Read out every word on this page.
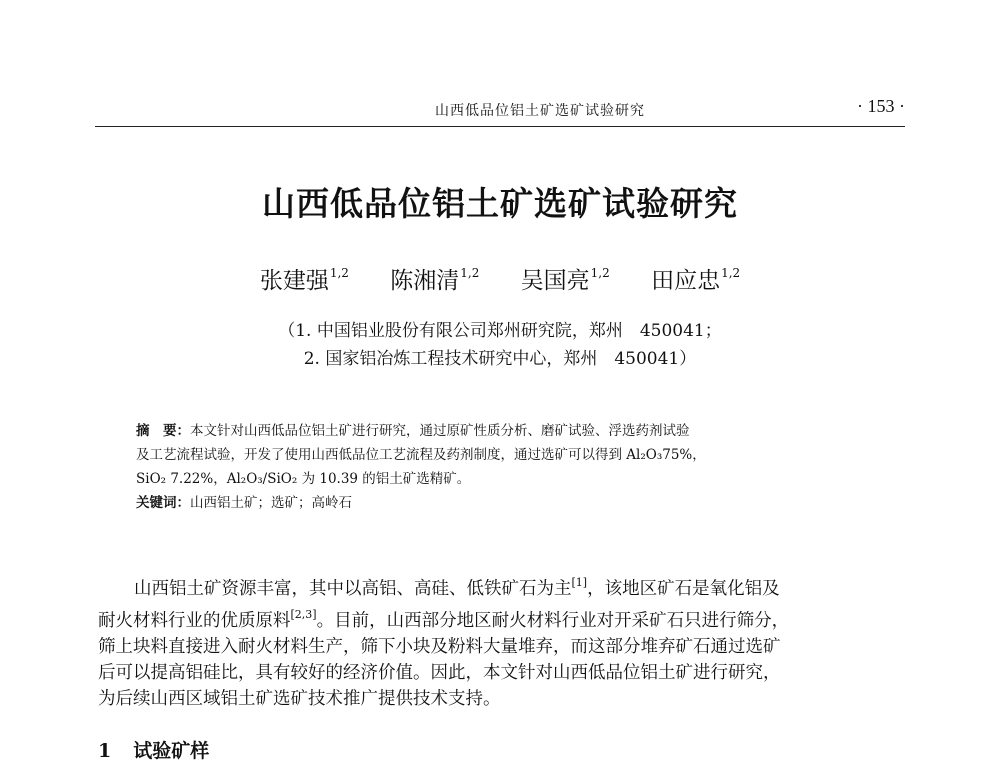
山西低品位铝土矿选矿试验研究	· 153 ·
山西低品位铝土矿选矿试验研究
张建强$^{1,2}$ 陈湘清$^{1,2}$ 吴国亮$^{1,2}$ 田应忠$^{1,2}$
（1. 中国铝业股份有限公司郑州研究院，郑州　450041；
2. 国家铝冶炼工程技术研究中心，郑州　450041）
摘　要：本文针对山西低品位铝土矿进行研究，通过原矿性质分析、磨矿试验、浮选药剂试验
及工艺流程试验，开发了使用山西低品位工艺流程及药剂制度，通过选矿可以得到 Al₂O₃75%，
SiO₂ 7.22%，Al₂O₃/SiO₂ 为 10.39 的铝土矿选精矿。
关键词：山西铝土矿；选矿；高岭石
山西铝土矿资源丰富，其中以高铝、高硅、低铁矿石为主[1]，该地区矿石是氧化铝及
耐火材料行业的优质原料[2,3]。目前，山西部分地区耐火材料行业对开采矿石只进行筛分，
筛上块料直接进入耐火材料生产，筛下小块及粉料大量堆弃，而这部分堆弃矿石通过选矿
后可以提高铝硅比，具有较好的经济价值。因此，本文针对山西低品位铝土矿进行研究，
为后续山西区域铝土矿选矿技术推广提供技术支持。
1 试验矿样
